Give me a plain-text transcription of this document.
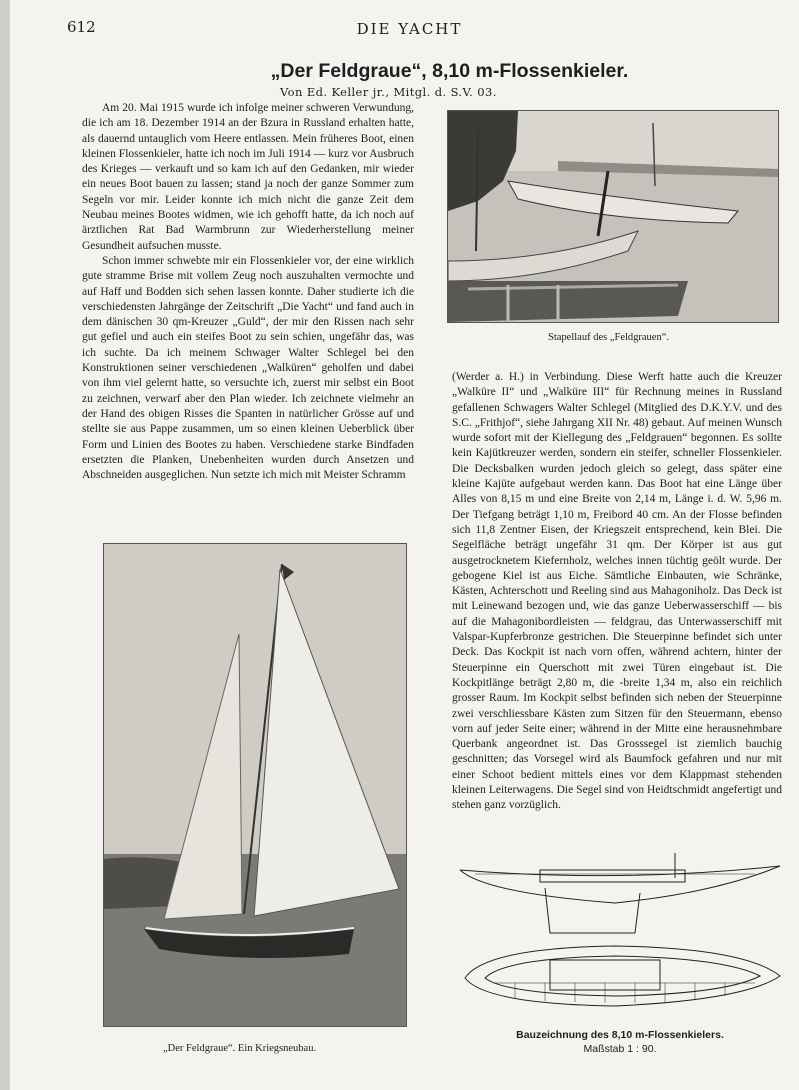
612	DIE YACHT
„Der Feldgraue“, 8,10 m-Flossenkieler.
Von Ed. Keller jr., Mitgl. d. S.V. 03.

Am 20. Mai 1915 wurde ich infolge meiner schweren Verwundung, die ich am 18. Dezember 1914 an der Bzura in Russland erhalten hatte, als dauernd untauglich vom Heere entlassen. Mein früheres Boot, einen kleinen Flossenkieler, hatte ich noch im Juli 1914 — kurz vor Ausbruch des Krieges — verkauft und so kam ich auf den Gedanken, mir wieder ein neues Boot bauen zu lassen; stand ja noch der ganze Sommer zum Segeln vor mir. Leider konnte ich mich nicht die ganze Zeit dem Neubau meines Bootes widmen, wie ich gehofft hatte, da ich noch auf ärztlichen Rat Bad Warmbrunn zur Wiederherstellung meiner Gesundheit aufsuchen musste.

Schon immer schwebte mir ein Flossenkieler vor, der eine wirklich gute stramme Brise mit vollem Zeug noch auszuhalten vermochte und auf Haff und Bodden sich sehen lassen konnte. Daher studierte ich die verschiedensten Jahrgänge der Zeitschrift „Die Yacht“ und fand auch in dem dänischen 30 qm-Kreuzer „Guld“, der mir den Rissen nach sehr gut gefiel und auch ein steifes Boot zu sein schien, ungefähr das, was ich suchte. Da ich meinem Schwager Walter Schlegel bei den Konstruktionen seiner verschiedenen „Walküren“ geholfen und dabei von ihm viel gelernt hatte, so versuchte ich, zuerst mir selbst ein Boot zu zeichnen, verwarf aber den Plan wieder. Ich zeichnete vielmehr an der Hand des obigen Risses die Spanten in natürlicher Grösse auf und stellte sie aus Pappe zusammen, um so einen kleinen Ueberblick über Form und Linien des Bootes zu haben. Verschiedene starke Bindfaden ersetzten die Planken, Unebenheiten wurden durch Ansetzen und Abschneiden ausgeglichen. Nun setzte ich mich mit Meister Schramm

Stapellauf des „Feldgrauen“.

(Werder a. H.) in Verbindung. Diese Werft hatte auch die Kreuzer „Walküre II“ und „Walküre III“ für Rechnung meines in Russland gefallenen Schwagers Walter Schlegel (Mitglied des D.K.Y.V. und des S.C. „Frithjof“, siehe Jahrgang XII Nr. 48) gebaut. Auf meinen Wunsch wurde sofort mit der Kiellegung des „Feldgrauen“ begonnen. Es sollte kein Kajütkreuzer werden, sondern ein steifer, schneller Flossenkieler. Die Decksbalken wurden jedoch gleich so gelegt, dass später eine kleine Kajüte aufgebaut werden kann. Das Boot hat eine Länge über Alles von 8,15 m und eine Breite von 2,14 m, Länge i. d. W. 5,96 m. Der Tiefgang beträgt 1,10 m, Freibord 40 cm. An der Flosse befinden sich 11,8 Zentner Eisen, der Kriegszeit entsprechend, kein Blei. Die Segelfläche beträgt ungefähr 31 qm. Der Körper ist aus gut ausgetrocknetem Kiefernholz, welches innen tüchtig geölt wurde. Der gebogene Kiel ist aus Eiche. Sämtliche Einbauten, wie Schränke, Kästen, Achterschott und Reeling sind aus Mahagoniholz. Das Deck ist mit Leinewand bezogen und, wie das ganze Ueberwasserschiff — bis auf die Mahagonibordleisten — feldgrau, das Unterwasserschiff mit Valspar-Kupferbronze gestrichen. Die Steuerpinne befindet sich unter Deck. Das Kockpit ist nach vorn offen, während achtern, hinter der Steuerpinne ein Querschott mit zwei Türen eingebaut ist. Die Kockpitlänge beträgt 2,80 m, die -breite 1,34 m, also ein reichlich grosser Raum. Im Kockpit selbst befinden sich neben der Steuerpinne zwei verschliessbare Kästen zum Sitzen für den Steuermann, ebenso vorn auf jeder Seite einer; während in der Mitte eine herausnehmbare Querbank angeordnet ist. Das Grosssegel ist ziemlich bauchig geschnitten; das Vorsegel wird als Baumfock gefahren und nur mit einer Schoot bedient mittels eines vor dem Klappmast stehenden kleinen Leiterwagens. Die Segel sind von Heidtschmidt angefertigt und stehen ganz vorzüglich.

„Der Feldgraue“. Ein Kriegsneubau.
Bauzeichnung des 8,10 m-Flossenkielers.
Maßstab 1 : 90.
